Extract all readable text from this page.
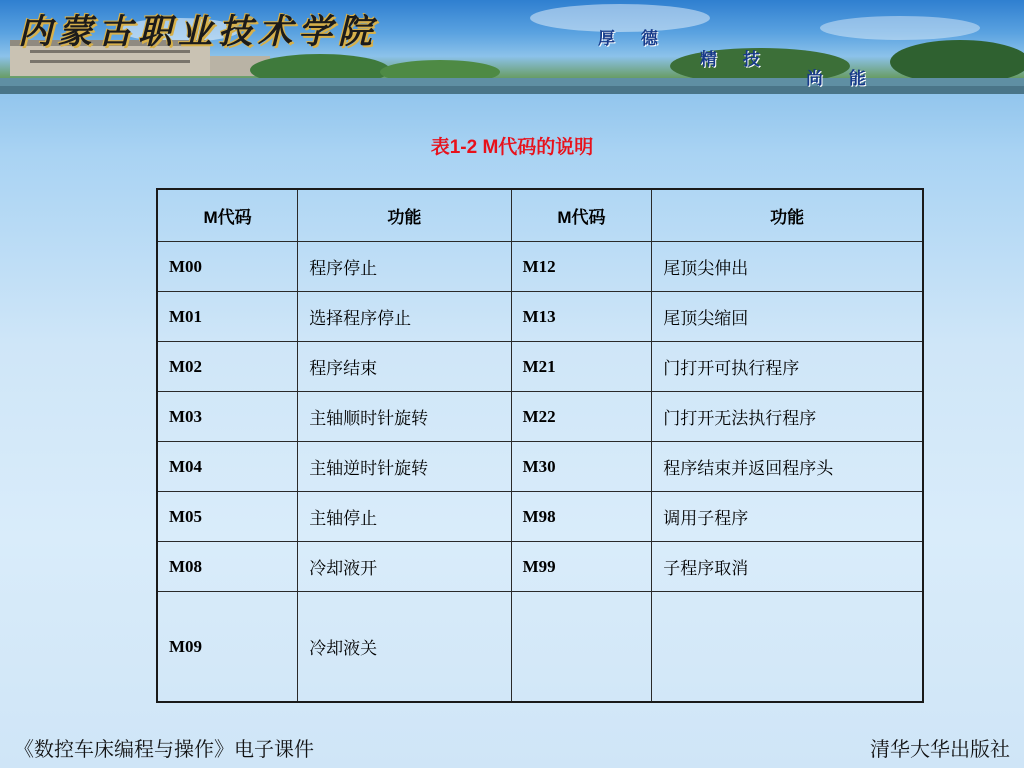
内蒙古职业技术学院	厚 德
精 技
尚 能
表1-2 M代码的说明
M代码	功能	M代码	功能
M00	程序停止	M12	尾顶尖伸出
M01	选择程序停止	M13	尾顶尖缩回
M02	程序结束	M21	门打开可执行程序
M03	主轴顺时针旋转	M22	门打开无法执行程序
M04	主轴逆时针旋转	M30	程序结束并返回程序头
M05	主轴停止	M98	调用子程序
M08	冷却液开	M99	子程序取消
M09	冷却液关		
《数控车床编程与操作》电子课件	清华大华出版社
